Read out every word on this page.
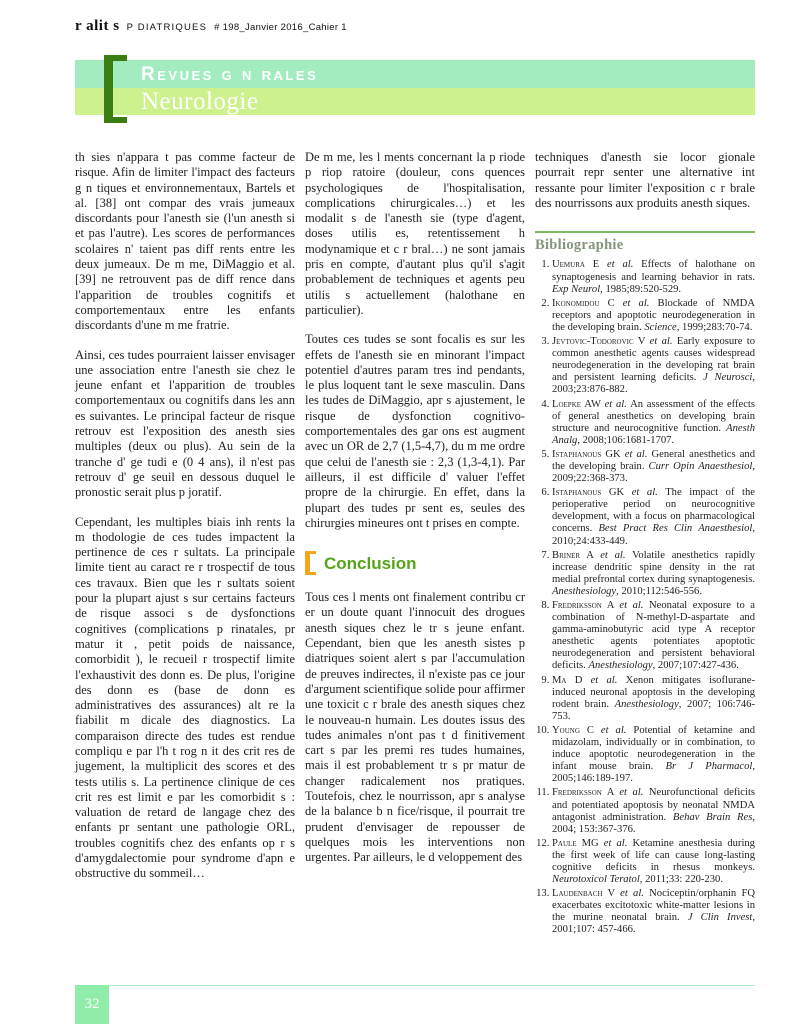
r alit s P DIATRIQUES # 198_Janvier 2016_Cahier 1
Revues g n rales
Neurologie

th sies n'appara t pas comme facteur de risque. Afin de limiter l'impact des facteurs g n tiques et environnementaux, Bartels et al. [38] ont compar des vrais jumeaux discordants pour l'anesth sie (l'un anesth si et pas l'autre). Les scores de performances scolaires n' taient pas diff rents entre les deux jumeaux. De m me, DiMaggio et al. [39] ne retrouvent pas de diff rence dans l'apparition de troubles cognitifs et comportementaux entre les enfants discordants d'une m me fratrie.

Ainsi, ces tudes pourraient laisser envisager une association entre l'anesth sie chez le jeune enfant et l'apparition de troubles comportementaux ou cognitifs dans les ann es suivantes. Le principal facteur de risque retrouv est l'exposition des anesth sies multiples (deux ou plus). Au sein de la tranche d' ge tudi e (0 4 ans), il n'est pas retrouv d' ge seuil en dessous duquel le pronostic serait plus p joratif.

Cependant, les multiples biais inh rents la m thodologie de ces tudes impactent la pertinence de ces r sultats. La principale limite tient au caract re r trospectif de tous ces travaux. Bien que les r sultats soient pour la plupart ajust s sur certains facteurs de risque associ s de dysfonctions cognitives (complications p rinatales, pr matur it , petit poids de naissance, comorbidit ), le recueil r trospectif limite l'exhaustivit des donn es. De plus, l'origine des donn es (base de donn es administratives des assurances) alt re la fiabilit m dicale des diagnostics. La comparaison directe des tudes est rendue compliqu e par l'h t rog n it des crit res de jugement, la multiplicit des scores et des tests utilis s. La pertinence clinique de ces crit res est limit e par les comorbidit s : valuation de retard de langage chez des enfants pr sentant une pathologie ORL, troubles cognitifs chez des enfants op r s d'amygdalectomie pour syndrome d'apn e obstructive du sommeil…

De m me, les l ments concernant la p riode p riop ratoire (douleur, cons quences psychologiques de l'hospitalisation, complications chirurgicales…) et les modalit s de l'anesth sie (type d'agent, doses utilis es, retentissement h modynamique et c r bral…) ne sont jamais pris en compte, d'autant plus qu'il s'agit probablement de techniques et agents peu utilis s actuellement (halothane en particulier).

Toutes ces tudes se sont focalis es sur les effets de l'anesth sie en minorant l'impact potentiel d'autres param tres ind pendants, le plus loquent tant le sexe masculin. Dans les tudes de DiMaggio, apr s ajustement, le risque de dysfonction cognitivo-comportementales des gar ons est augment avec un OR de 2,7 (1,5-4,7), du m me ordre que celui de l'anesth sie : 2,3 (1,3-4,1). Par ailleurs, il est difficile d' valuer l'effet propre de la chirurgie. En effet, dans la plupart des tudes pr sent es, seules des chirurgies mineures ont t prises en compte.

Conclusion

Tous ces l ments ont finalement contribu cr er un doute quant l'innocuit des drogues anesth siques chez le tr s jeune enfant. Cependant, bien que les anesth sistes p diatriques soient alert s par l'accumulation de preuves indirectes, il n'existe pas ce jour d'argument scientifique solide pour affirmer une toxicit c r brale des anesth siques chez le nouveau-n humain. Les doutes issus des tudes animales n'ont pas t d finitivement cart s par les premi res tudes humaines, mais il est probablement tr s pr matur de changer radicalement nos pratiques. Toutefois, chez le nourrisson, apr s analyse de la balance b n fice/risque, il pourrait tre prudent d'envisager de repousser de quelques mois les interventions non urgentes. Par ailleurs, le d veloppement des

techniques d'anesth sie locor gionale pourrait repr senter une alternative int ressante pour limiter l'exposition c r brale des nourrissons aux produits anesth siques.

Bibliographie
1. Uemura E et al. Effects of halothane on synaptogenesis and learning behavior in rats. Exp Neurol, 1985;89:520-529.
2. Ikonomidou C et al. Blockade of NMDA receptors and apoptotic neurodegeneration in the developing brain. Science, 1999;283:70-74.
3. Jevtovic-Todorovic V et al. Early exposure to common anesthetic agents causes widespread neurodegeneration in the developing rat brain and persistent learning deficits. J Neurosci, 2003;23:876-882.
4. Loepke AW et al. An assessment of the effects of general anesthetics on developing brain structure and neurocognitive function. Anesth Analg, 2008;106:1681-1707.
5. Istaphanous GK et al. General anesthetics and the developing brain. Curr Opin Anaesthesiol, 2009;22:368-373.
6. Istaphanous GK et al. The impact of the perioperative period on neurocognitive development, with a focus on pharmacological concerns. Best Pract Res Clin Anaesthesiol, 2010;24:433-449.
7. Briner A et al. Volatile anesthetics rapidly increase dendritic spine density in the rat medial prefrontal cortex during synaptogenesis. Anesthesiology, 2010;112:546-556.
8. Fredriksson A et al. Neonatal exposure to a combination of N-methyl-D-aspartate and gamma-aminobutyric acid type A receptor anesthetic agents potentiates apoptotic neurodegeneration and persistent behavioral deficits. Anesthesiology, 2007;107:427-436.
9. Ma D et al. Xenon mitigates isoflurane-induced neuronal apoptosis in the developing rodent brain. Anesthesiology, 2007; 106:746-753.
10. Young C et al. Potential of ketamine and midazolam, individually or in combination, to induce apoptotic neurodegeneration in the infant mouse brain. Br J Pharmacol, 2005;146:189-197.
11. Fredriksson A et al. Neurofunctional deficits and potentiated apoptosis by neonatal NMDA antagonist administration. Behav Brain Res, 2004; 153:367-376.
12. Paule MG et al. Ketamine anesthesia during the first week of life can cause long-lasting cognitive deficits in rhesus monkeys. Neurotoxicol Teratol, 2011;33: 220-230.
13. Laudenbach V et al. Nociceptin/orphanin FQ exacerbates excitotoxic white-matter lesions in the murine neonatal brain. J Clin Invest, 2001;107: 457-466.
32
